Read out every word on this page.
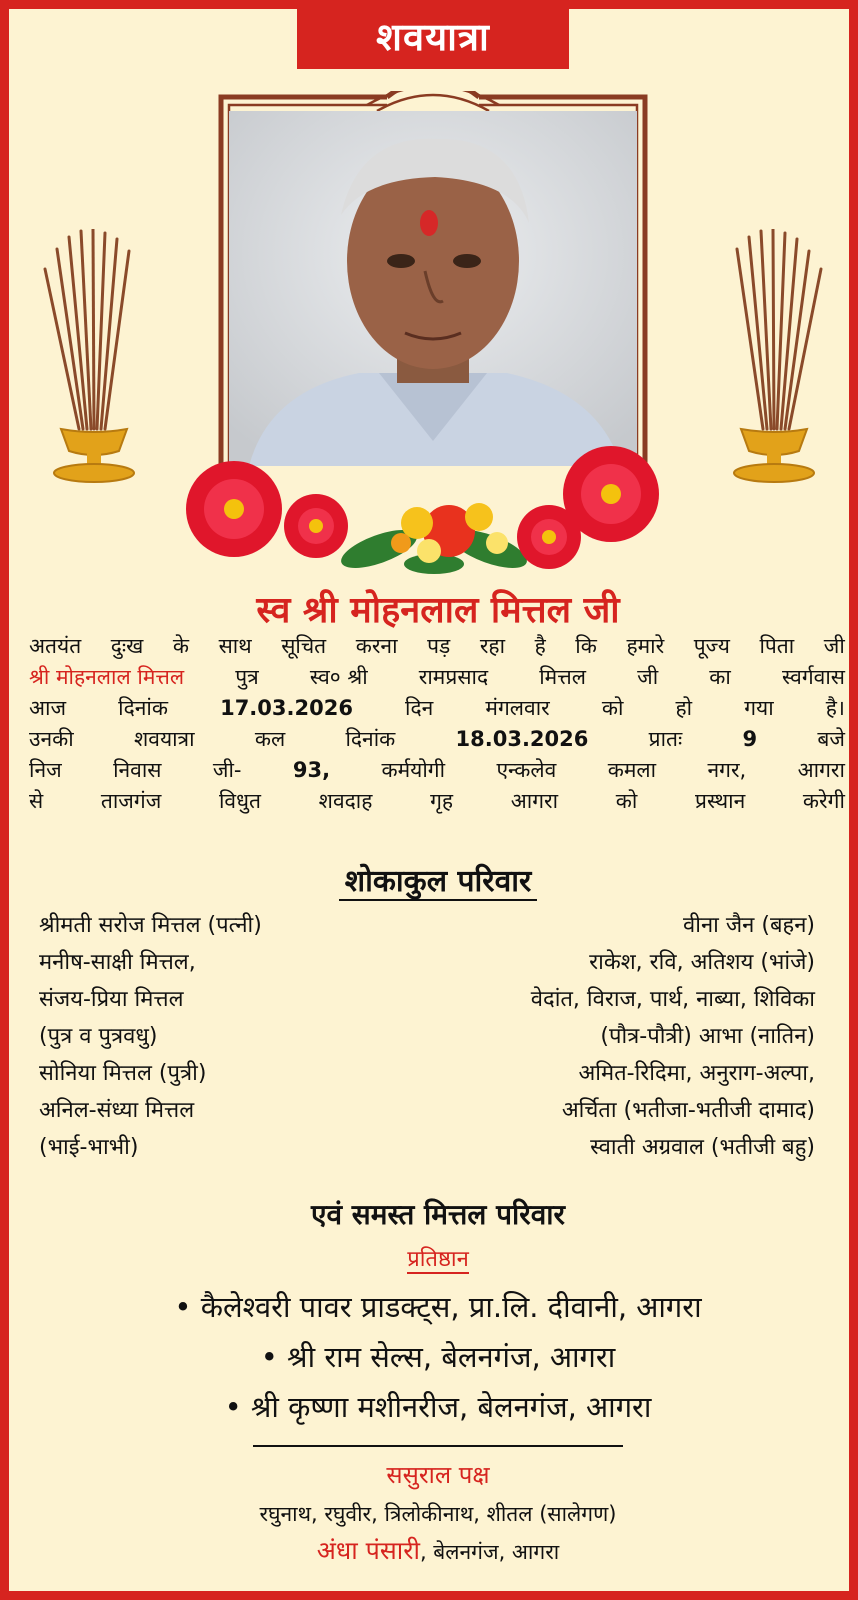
शवयात्रा
स्व श्री मोहनलाल मित्तल जी
अतयंत दुःख के साथ सूचित करना पड़ रहा है कि हमारे पूज्य पिता जी
श्री मोहनलाल मित्तल पुत्र स्व० श्री रामप्रसाद मित्तल जी का स्वर्गवास
आज दिनांक 17.03.2026 दिन मंगलवार को हो गया है।
उनकी	शवयात्रा	कल	दिनांक	18.03.2026	प्रातः	9	बजे
निज निवास जी- 93, कर्मयोगी एन्कलेव कमला नगर, आगरा
से	ताजगंज	विधुत	शवदाह	गृह	आगरा	को	प्रस्थान	करेगी
शोकाकुल परिवार
श्रीमती सरोज मित्तल (पत्नी)
मनीष-साक्षी मित्तल,
संजय-प्रिया मित्तल
(पुत्र व पुत्रवधु)
सोनिया मित्तल (पुत्री)
अनिल-संध्या मित्तल
(भाई-भाभी)
वीना जैन (बहन)
राकेश, रवि, अतिशय (भांजे)
वेदांत, विराज, पार्थ, नाब्या, शिविका
(पौत्र-पौत्री) आभा (नातिन)
अमित-रिदिमा, अनुराग-अल्पा,
अर्चिता (भतीजा-भतीजी दामाद)
स्वाती अग्रवाल (भतीजी बहु)
एवं समस्त मित्तल परिवार
प्रतिष्ठान
• कैलेश्वरी पावर प्राडक्ट्स, प्रा.लि. दीवानी, आगरा
• श्री राम सेल्स, बेलनगंज, आगरा
• श्री कृष्णा मशीनरीज, बेलनगंज, आगरा
ससुराल पक्ष
रघुनाथ, रघुवीर, त्रिलोकीनाथ, शीतल (सालेगण)
अंधा पंसारी, बेलनगंज, आगरा
